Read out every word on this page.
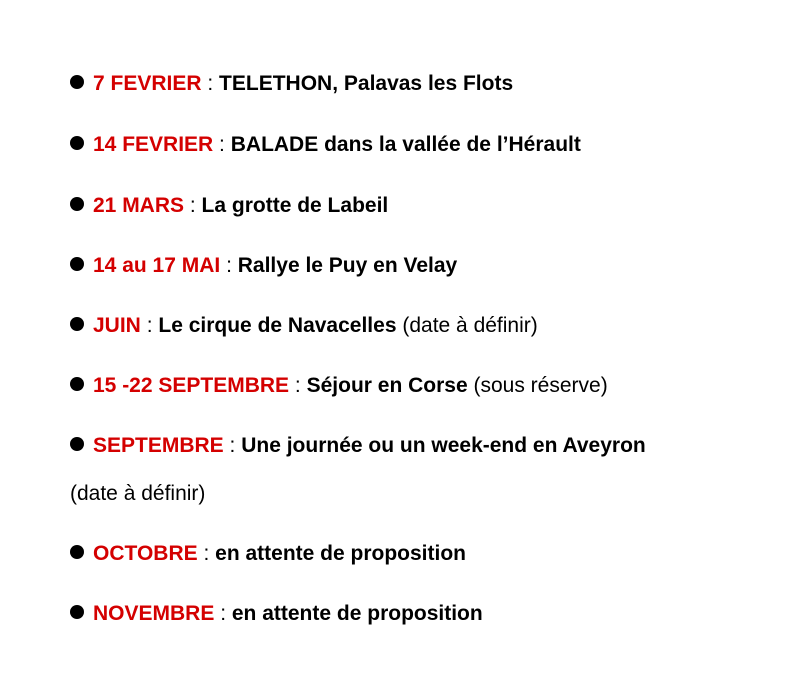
7 FEVRIER : TELETHON, Palavas les Flots
14 FEVRIER : BALADE dans la vallée de l’Hérault
21 MARS : La grotte de Labeil
14 au 17 MAI : Rallye le Puy en Velay
JUIN : Le cirque de Navacelles (date à définir)
15 -22 SEPTEMBRE : Séjour en Corse (sous réserve)
SEPTEMBRE : Une journée ou un week-end en Aveyron
(date à définir)
OCTOBRE : en attente de proposition
NOVEMBRE : en attente de proposition
